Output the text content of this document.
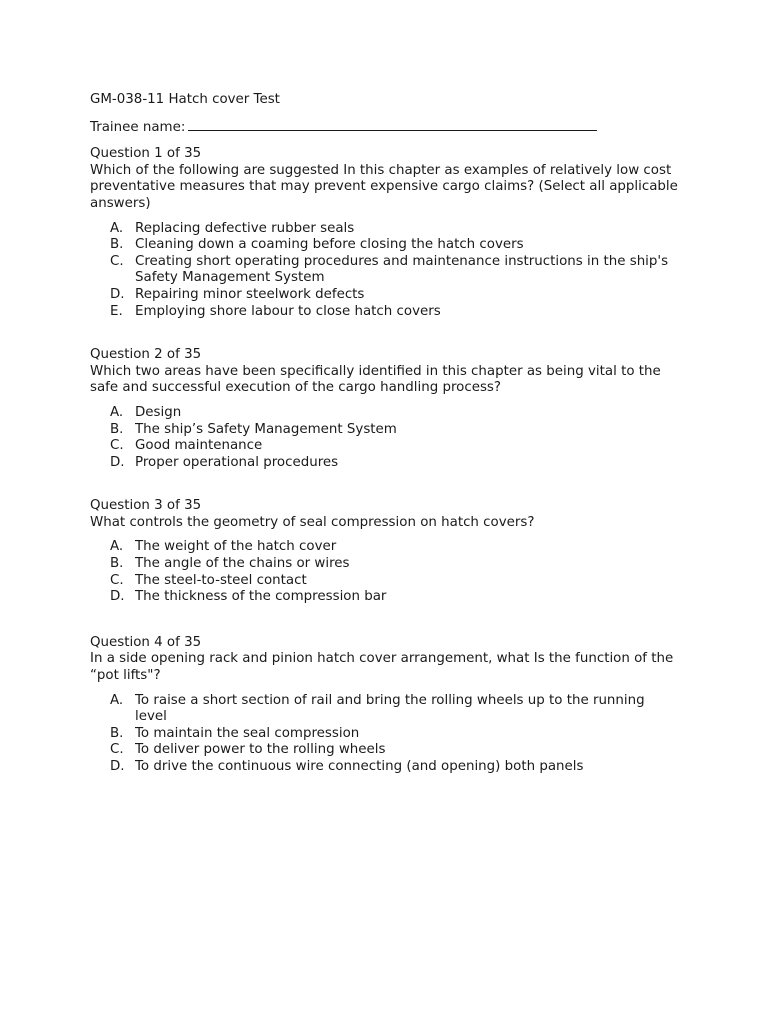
GM-038-11 Hatch cover Test
Trainee name:
Question 1 of 35
Which of the following are suggested In this chapter as examples of relatively low cost preventative measures that may prevent expensive cargo claims? (Select all applicable answers)
A. Replacing defective rubber seals
B. Cleaning down a coaming before closing the hatch covers
C. Creating short operating procedures and maintenance instructions in the ship's
Safety Management System
D. Repairing minor steelwork defects
E. Employing shore labour to close hatch covers
Question 2 of 35
Which two areas have been specifically identified in this chapter as being vital to the safe and successful execution of the cargo handling process?
A. Design
B. The ship’s Safety Management System
C. Good maintenance
D. Proper operational procedures
Question 3 of 35
What controls the geometry of seal compression on hatch covers?
A. The weight of the hatch cover
B. The angle of the chains or wires
C. The steel-to-steel contact
D. The thickness of the compression bar
Question 4 of 35
In a side opening rack and pinion hatch cover arrangement, what Is the function of the “pot lifts"?
A. To raise a short section of rail and bring the rolling wheels up to the running level
B. To maintain the seal compression
C. To deliver power to the rolling wheels
D. To drive the continuous wire connecting (and opening) both panels
